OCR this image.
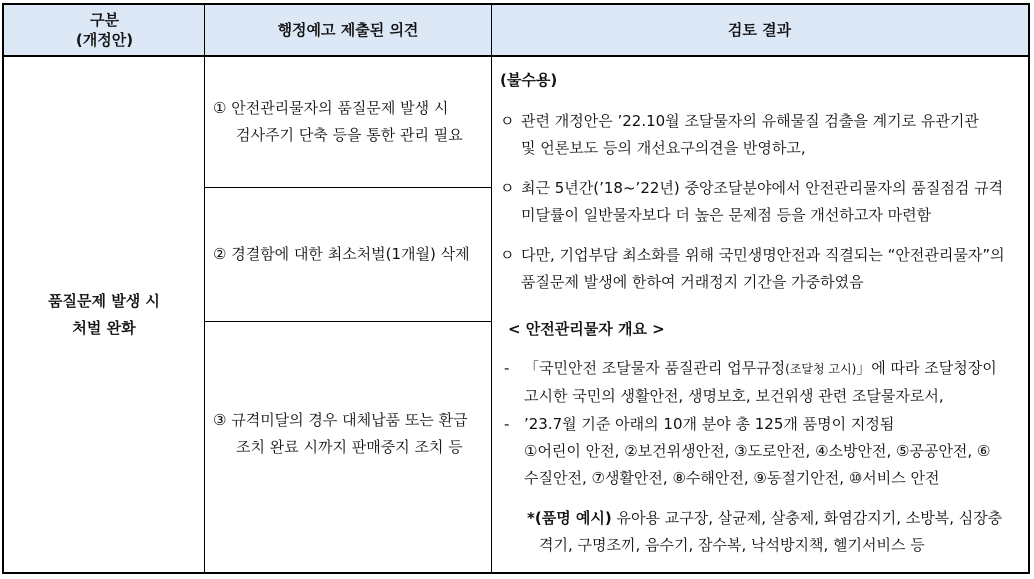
구분
(개정안)
행정예고 제출된 의견	검토 결과
품질문제 발생 시
처벌 완화
① 안전관리물자의 품질문제 발생 시
검사주기 단축 등을 통한 관리 필요
② 경결함에 대한 최소처벌(1개월) 삭제
③ 규격미달의 경우 대체납품 또는 환급
조치 완료 시까지 판매중지 조치 등
(불수용)
ㅇ 관련 개정안은 ’22.10월 조달물자의 유해물질 검출을 계기로 유관기관
및 언론보도 등의 개선요구의견을 반영하고,
ㅇ 최근 5년간(’18~’22년) 중앙조달분야에서 안전관리물자의 품질점검 규격
미달률이 일반물자보다 더 높은 문제점 등을 개선하고자 마련함
ㅇ 다만, 기업부담 최소화를 위해 국민생명안전과 직결되는 “안전관리물자”의
품질문제 발생에 한하여 거래정지 기간을 가중하였음
< 안전관리물자 개요 >
- 「국민안전 조달물자 품질관리 업무규정(조달청 고시)」에 따라 조달청장이
고시한 국민의 생활안전, 생명보호, 보건위생 관련 조달물자로서,
- ’23.7월 기준 아래의 10개 분야 총 125개 품명이 지정됨
①어린이 안전, ②보건위생안전, ③도로안전, ④소방안전, ⑤공공안전, ⑥
수질안전, ⑦생활안전, ⑧수해안전, ⑨동절기안전, ⑩서비스 안전
*(품명 예시) 유아용 교구장, 살균제, 살충제, 화염감지기, 소방복, 심장충
격기, 구명조끼, 음수기, 잠수복, 낙석방지책, 헬기서비스 등
